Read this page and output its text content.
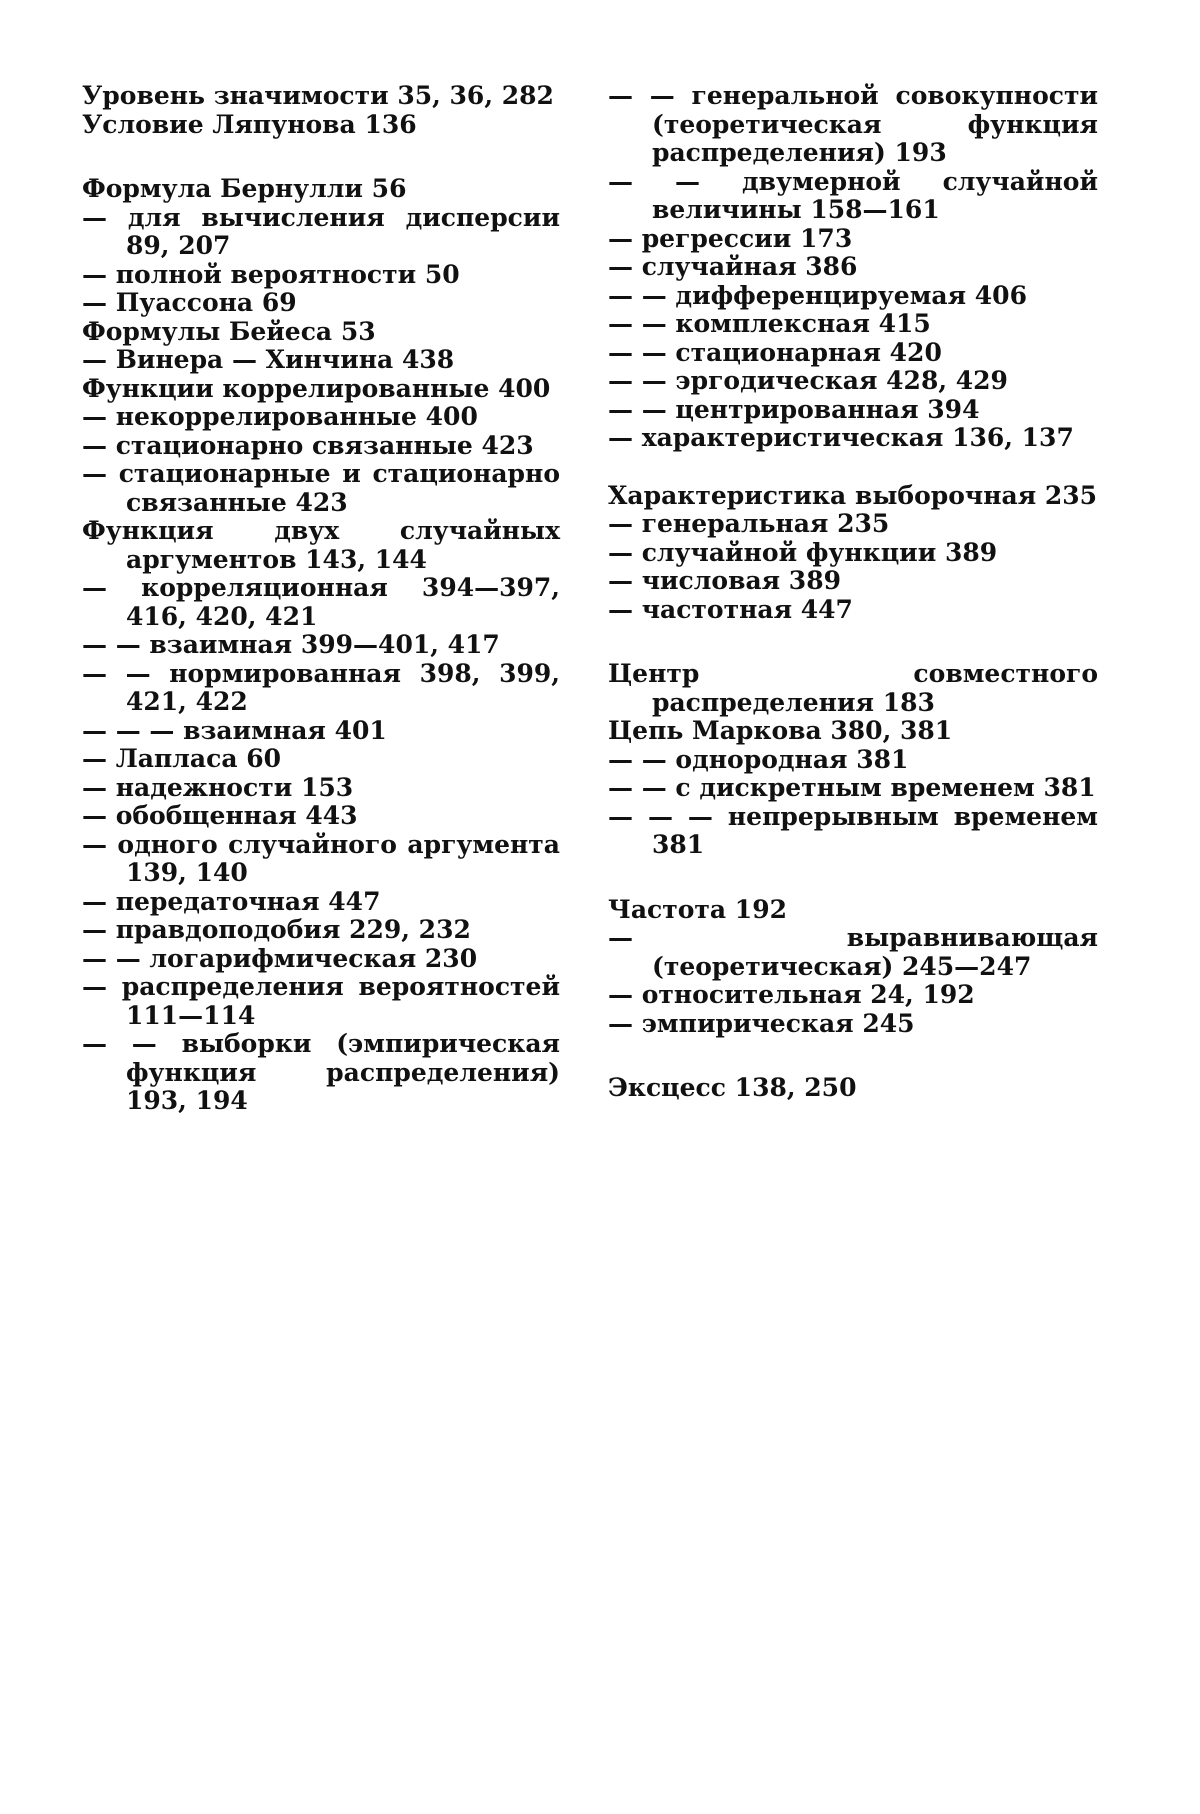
Уровень значимости 35, 36, 282
Условие Ляпунова 136
Формула Бернулли 56
— для вычисления дисперсии 89, 207
— полной вероятности 50
— Пуассона 69
Формулы Бейеса 53
— Винера — Хинчина 438
Функции коррелированные 400
— некоррелированные 400
— стационарно связанные 423
— стационарные и стационарно связанные 423
Функция двух случайных аргументов 143, 144
— корреляционная 394—397, 416, 420, 421
— — взаимная 399—401, 417
— — нормированная 398, 399, 421, 422
— — — взаимная 401
— Лапласа 60
— надежности 153
— обобщенная 443
— одного случайного аргумента 139, 140
— передаточная 447
— правдоподобия 229, 232
— — логарифмическая 230
— распределения вероятностей 111—114
— — выборки (эмпирическая функция распределения) 193, 194
— — генеральной совокупности (теоретическая функция распределения) 193
— — двумерной случайной величины 158—161
— регрессии 173
— случайная 386
— — дифференцируемая 406
— — комплексная 415
— — стационарная 420
— — эргодическая 428, 429
— — центрированная 394
— характеристическая 136, 137
Характеристика выборочная 235
— генеральная 235
— случайной функции 389
— числовая 389
— частотная 447
Центр совместного распределения 183
Цепь Маркова 380, 381
— — однородная 381
— — с дискретным временем 381
— — — непрерывным временем 381
Частота 192
— выравнивающая (теоретическая) 245—247
— относительная 24, 192
— эмпирическая 245
Эксцесс 138, 250
